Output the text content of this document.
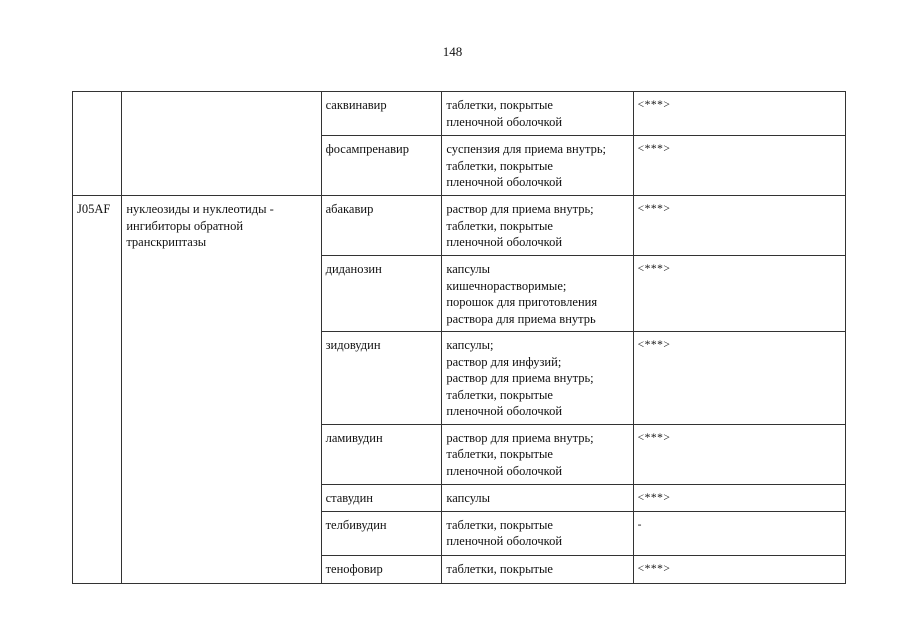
148

		саквинавир	таблетки, покрытые
пленочной оболочкой	<***>

		фосампренавир	суспензия для приема внутрь;
таблетки, покрытые
пленочной оболочкой	<***>

J05AF	нуклеозиды и нуклеотиды -
ингибиторы обратной
транскриптазы	абакавир	раствор для приема внутрь;
таблетки, покрытые
пленочной оболочкой	<***>

		диданозин	капсулы
кишечнорастворимые;
порошок для приготовления
раствора для приема внутрь	<***>

		зидовудин	капсулы;
раствор для инфузий;
раствор для приема внутрь;
таблетки, покрытые
пленочной оболочкой	<***>

		ламивудин	раствор для приема внутрь;
таблетки, покрытые
пленочной оболочкой	<***>

		ставудин	капсулы	<***>

		телбивудин	таблетки, покрытые
пленочной оболочкой	-

		тенофовир	таблетки, покрытые	<***>
